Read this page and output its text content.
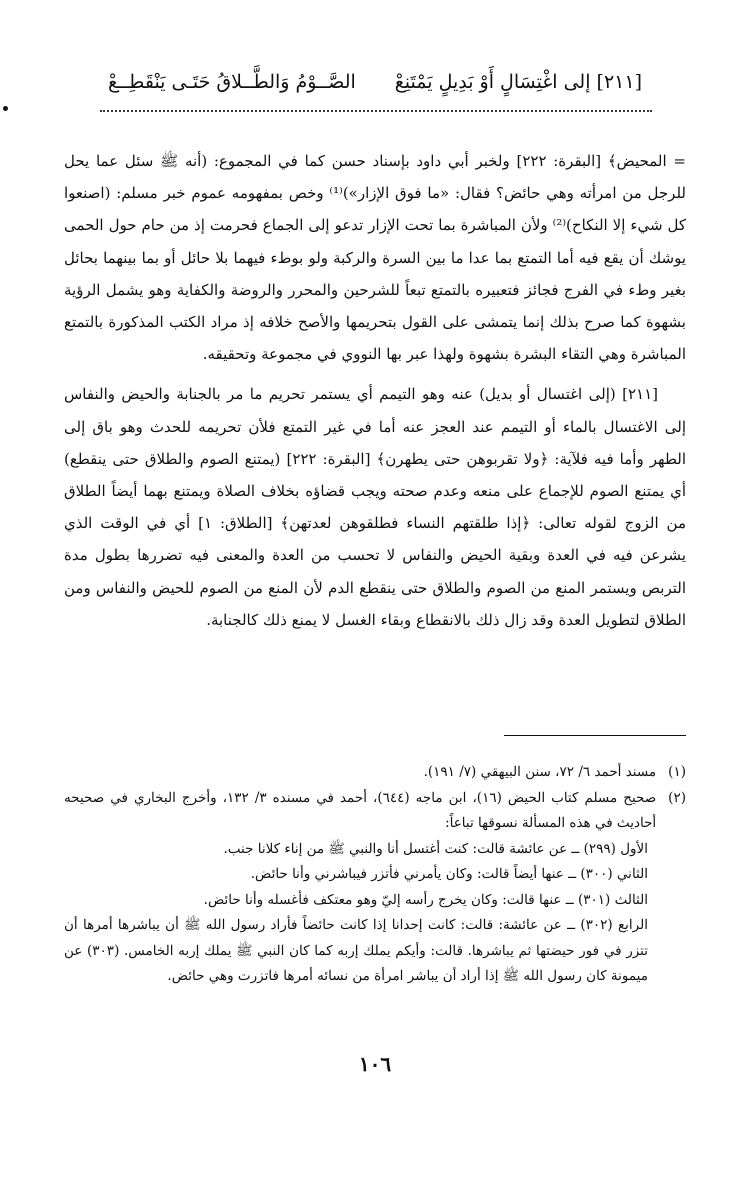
[٢١١] إلى اغْتِسَالٍ أَوْ بَدِيلٍ يَمْتَنِعْ
الصَّــوْمُ وَالطَّــلاقُ حَتَـى يَنْقَطِــعْ

= المحيض﴾ [البقرة: ٢٢٢] ولخبر أبي داود بإسناد حسن كما في المجموع: (أنه ﷺ سئل عما يحل للرجل من امرأته وهي حائض؟ فقال: «ما فوق الإزار»)⁽¹⁾ وخص بمفهومه عموم خبر مسلم: (اصنعوا كل شيء إلا النكاح)⁽²⁾ ولأن المباشرة بما تحت الإزار تدعو إلى الجماع فحرمت إذ من حام حول الحمى يوشك أن يقع فيه أما التمتع بما عدا ما بين السرة والركبة ولو بوطء فيهما بلا حائل أو بما بينهما بحائل بغير وطء في الفرج فجائز فتعبيره بالتمتع تبعاً للشرحين والمحرر والروضة والكفاية وهو يشمل الرؤية بشهوة كما صرح بذلك إنما يتمشى على القول بتحريمها والأصح خلافه إذ مراد الكتب المذكورة بالتمتع المباشرة وهي التقاء البشرة بشهوة ولهذا عبر بها النووي في مجموعة وتحقيقه.

[٢١١] (إلى اغتسال أو بديل) عنه وهو التيمم أي يستمر تحريم ما مر بالجنابة والحيض والنفاس إلى الاغتسال بالماء أو التيمم عند العجز عنه أما في غير التمتع فلأن تحريمه للحدث وهو باق إلى الطهر وأما فيه فلآية: ﴿ولا تقربوهن حتى يطهرن﴾ [البقرة: ٢٢٢] (يمتنع الصوم والطلاق حتى ينقطع) أي يمتنع الصوم للإجماع على منعه وعدم صحته ويجب قضاؤه بخلاف الصلاة ويمتنع بهما أيضاً الطلاق من الزوج لقوله تعالى: ﴿إذا طلقتهم النساء فطلقوهن لعدتهن﴾ [الطلاق: ١] أي في الوقت الذي يشرعن فيه في العدة وبقية الحيض والنفاس لا تحسب من العدة والمعنى فيه تضررها بطول مدة التربص ويستمر المنع من الصوم والطلاق حتى ينقطع الدم لأن المنع من الصوم للحيض والنفاس ومن الطلاق لتطويل العدة وقد زال ذلك بالانقطاع وبقاء الغسل لا يمنع ذلك كالجنابة.

(١)
مسند أحمد ٦/ ٧٢، سنن البيهقي (٧/ ١٩١).
(٢)
صحيح مسلم كتاب الحيض (١٦)، ابن ماجه (٦٤٤)، أحمد في مسنده ٣/ ١٣٢، وأخرج البخاري في صحيحه أحاديث في هذه المسألة نسوقها تباعاً:
الأول (٢٩٩) ــ عن عائشة قالت: كنت أغتسل أنا والنبي ﷺ من إناء كلانا جنب.
الثاني (٣٠٠) ــ عنها أيضاً قالت: وكان يأمرني فأتزر فيباشرني وأنا حائض.
الثالث (٣٠١) ــ عنها قالت: وكان يخرج رأسه إليّ وهو معتكف فأغسله وأنا حائض.
الرابع (٣٠٢) ــ عن عائشة: قالت: كانت إحدانا إذا كانت حائضاً فأراد رسول الله ﷺ أن يباشرها أمرها أن تتزر في فور حيضتها ثم يباشرها. قالت: وأيكم يملك إربه كما كان النبي ﷺ يملك إربه الخامس. (٣٠٣) عن ميمونة كان رسول الله ﷺ إذا أراد أن يباشر امرأة من نسائه أمرها فاتزرت وهي حائض.
١٠٦
